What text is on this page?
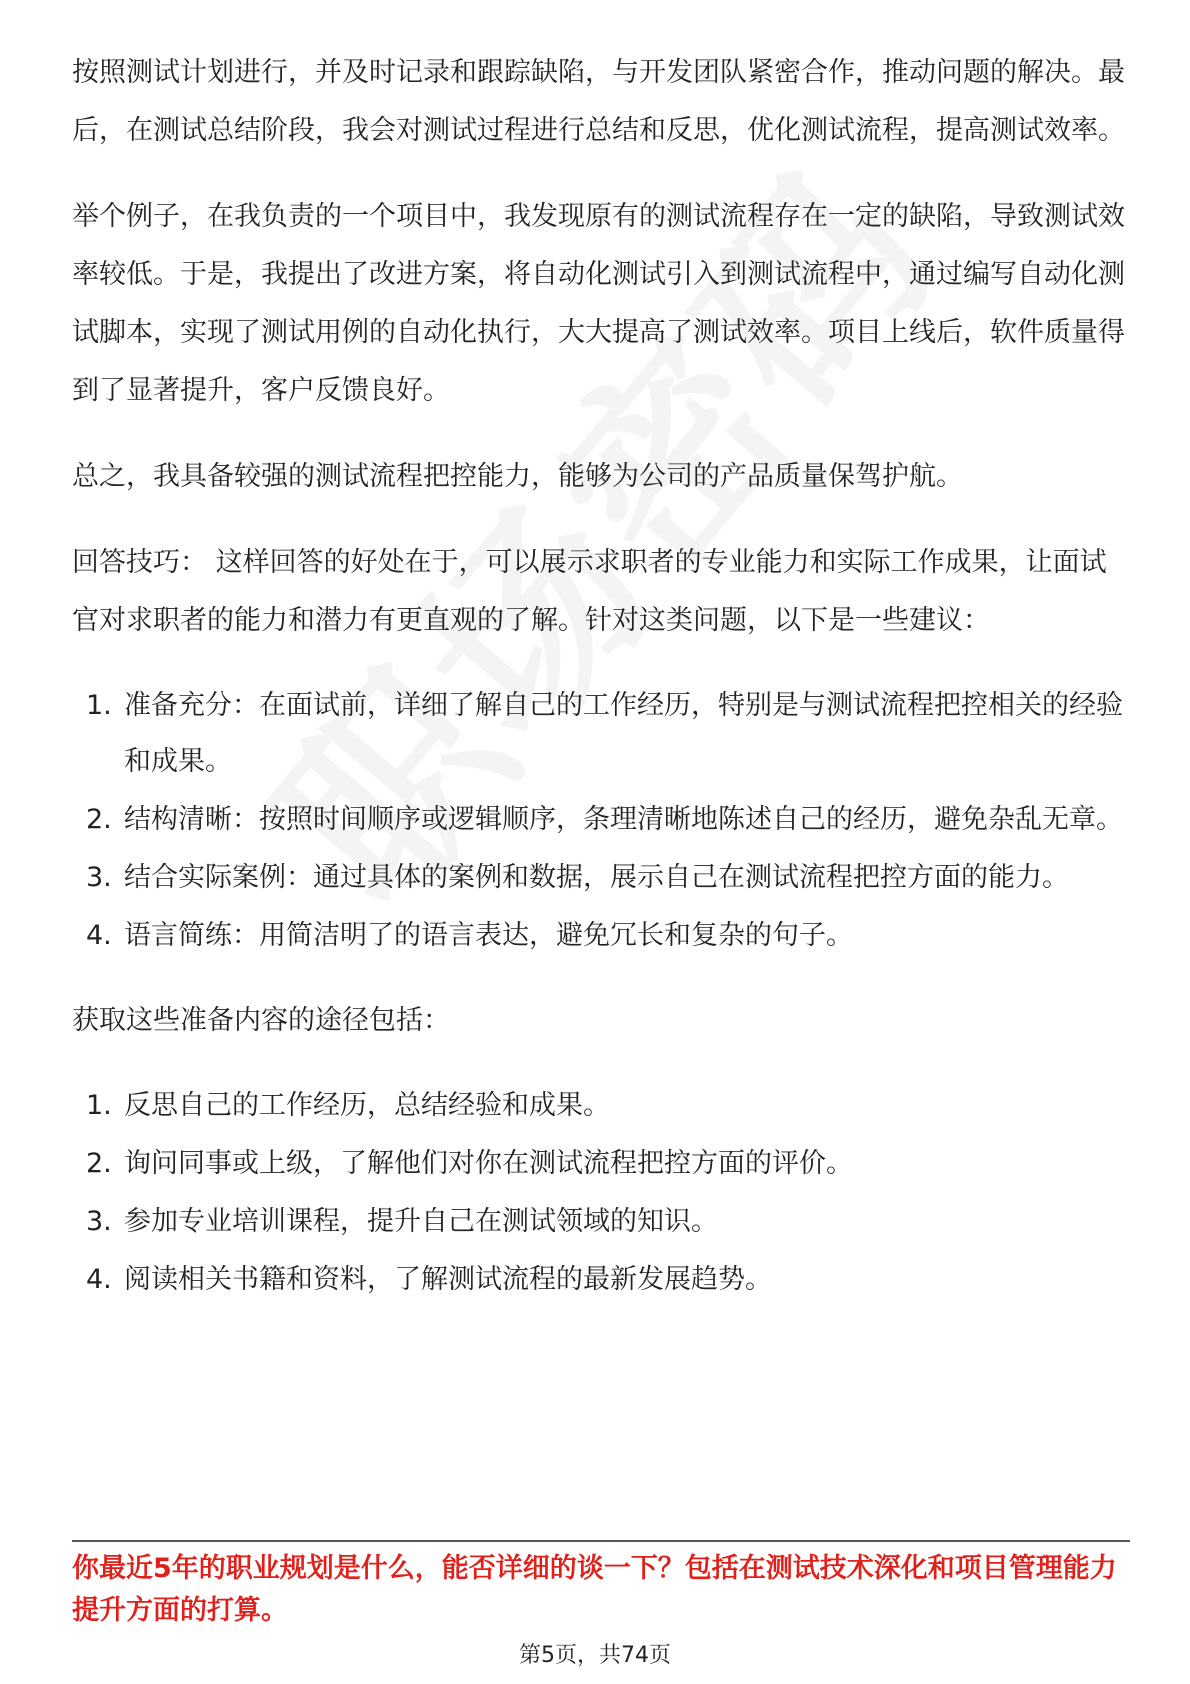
按照测试计划进行，并及时记录和跟踪缺陷，与开发团队紧密合作，推动问题的解决。最后，在测试总结阶段，我会对测试过程进行总结和反思，优化测试流程，提高测试效率。

举个例子，在我负责的一个项目中，我发现原有的测试流程存在一定的缺陷，导致测试效率较低。于是，我提出了改进方案，将自动化测试引入到测试流程中，通过编写自动化测试脚本，实现了测试用例的自动化执行，大大提高了测试效率。项目上线后，软件质量得到了显著提升，客户反馈良好。

总之，我具备较强的测试流程把控能力，能够为公司的产品质量保驾护航。

回答技巧： 这样回答的好处在于，可以展示求职者的专业能力和实际工作成果，让面试官对求职者的能力和潜力有更直观的了解。针对这类问题，以下是一些建议：

1. 准备充分：在面试前，详细了解自己的工作经历，特别是与测试流程把控相关的经验和成果。
2. 结构清晰：按照时间顺序或逻辑顺序，条理清晰地陈述自己的经历，避免杂乱无章。
3. 结合实际案例：通过具体的案例和数据，展示自己在测试流程把控方面的能力。
4. 语言简练：用简洁明了的语言表达，避免冗长和复杂的句子。

获取这些准备内容的途径包括：

1. 反思自己的工作经历，总结经验和成果。
2. 询问同事或上级，了解他们对你在测试流程把控方面的评价。
3. 参加专业培训课程，提升自己在测试领域的知识。
4. 阅读相关书籍和资料，了解测试流程的最新发展趋势。
你最近5年的职业规划是什么，能否详细的谈一下？包括在测试技术深化和项目管理能力提升方面的打算。
第5页，共74页
